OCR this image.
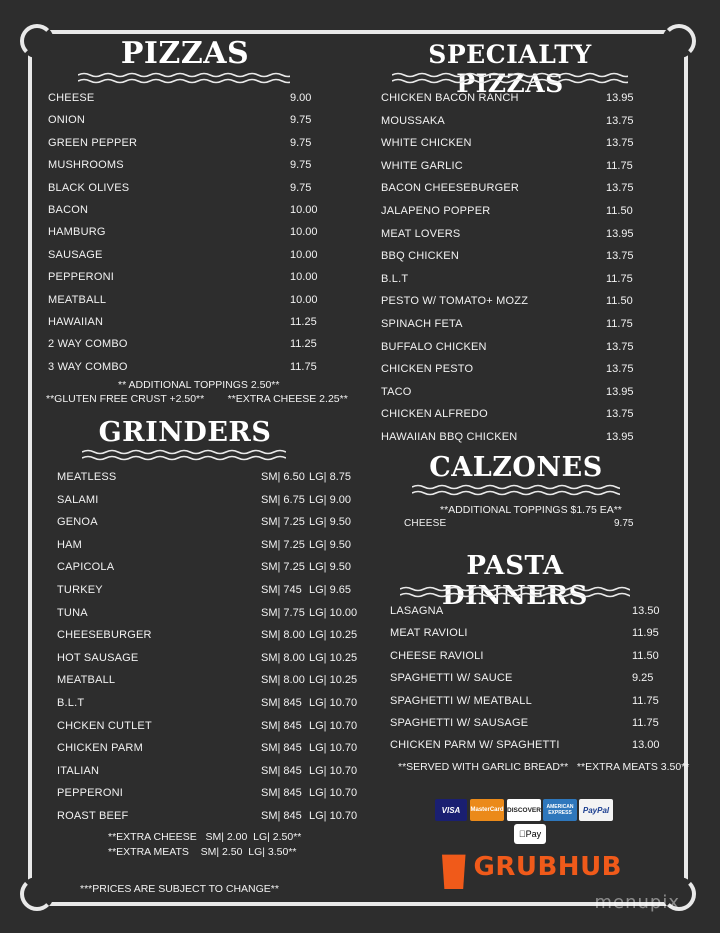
PIZZAS
CHEESE	9.00
ONION	9.75
GREEN PEPPER	9.75
MUSHROOMS	9.75
BLACK OLIVES	9.75
BACON	10.00
HAMBURG	10.00
SAUSAGE	10.00
PEPPERONI	10.00
MEATBALL	10.00
HAWAIIAN	11.25
2 WAY COMBO	11.25
3 WAY COMBO	11.75
** ADDITIONAL TOPPINGS 2.50**
**GLUTEN FREE CRUST +2.50**        **EXTRA CHEESE 2.25**
SPECIALTY PIZZAS
CHICKEN BACON RANCH	13.95
MOUSSAKA	13.75
WHITE CHICKEN	13.75
WHITE GARLIC	11.75
BACON CHEESEBURGER	13.75
JALAPENO POPPER	11.50
MEAT LOVERS	13.95
BBQ CHICKEN	13.75
B.L.T	11.75
PESTO W/ TOMATO+ MOZZ	11.50
SPINACH FETA	11.75
BUFFALO CHICKEN	13.75
CHICKEN PESTO	13.75
TACO	13.95
CHICKEN ALFREDO	13.75
HAWAIIAN BBQ CHICKEN	13.95
GRINDERS
MEATLESS	SM| 6.50 LG| 8.75
SALAMI	SM| 6.75 LG| 9.00
GENOA	SM| 7.25 LG| 9.50
HAM	SM| 7.25 LG| 9.50
CAPICOLA	SM| 7.25 LG| 9.50
TURKEY	SM| 745 LG| 9.65
TUNA	SM| 7.75 LG| 10.00
CHEESEBURGER	SM| 8.00 LG| 10.25
HOT SAUSAGE	SM| 8.00 LG| 10.25
MEATBALL	SM| 8.00 LG| 10.25
B.L.T	SM| 845 LG| 10.70
CHCKEN CUTLET	SM| 845 LG| 10.70
CHICKEN PARM	SM| 845 LG| 10.70
ITALIAN	SM| 845 LG| 10.70
PEPPERONI	SM| 845 LG| 10.70
ROAST BEEF	SM| 845 LG| 10.70
**EXTRA CHEESE   SM| 2.00  LG| 2.50**
**EXTRA MEATS    SM| 2.50  LG| 3.50**
CALZONES
**ADDITIONAL TOPPINGS $1.75 EA**
CHEESE	9.75
PASTA DINNERS
LASAGNA	13.50
MEAT RAVIOLI	11.95
CHEESE RAVIOLI	11.50
SPAGHETTI W/ SAUCE	9.25
SPAGHETTI W/ MEATBALL	11.75
SPAGHETTI W/ SAUSAGE	11.75
CHICKEN PARM W/ SPAGHETTI	13.00
**SERVED WITH GARLIC BREAD**   **EXTRA MEATS 3.50**
VISA	MasterCard DISCOVER	AMERICAN EXPRESS	PayPal
Pay
GRUBHUB
***PRICES ARE SUBJECT TO CHANGE**
menupix
